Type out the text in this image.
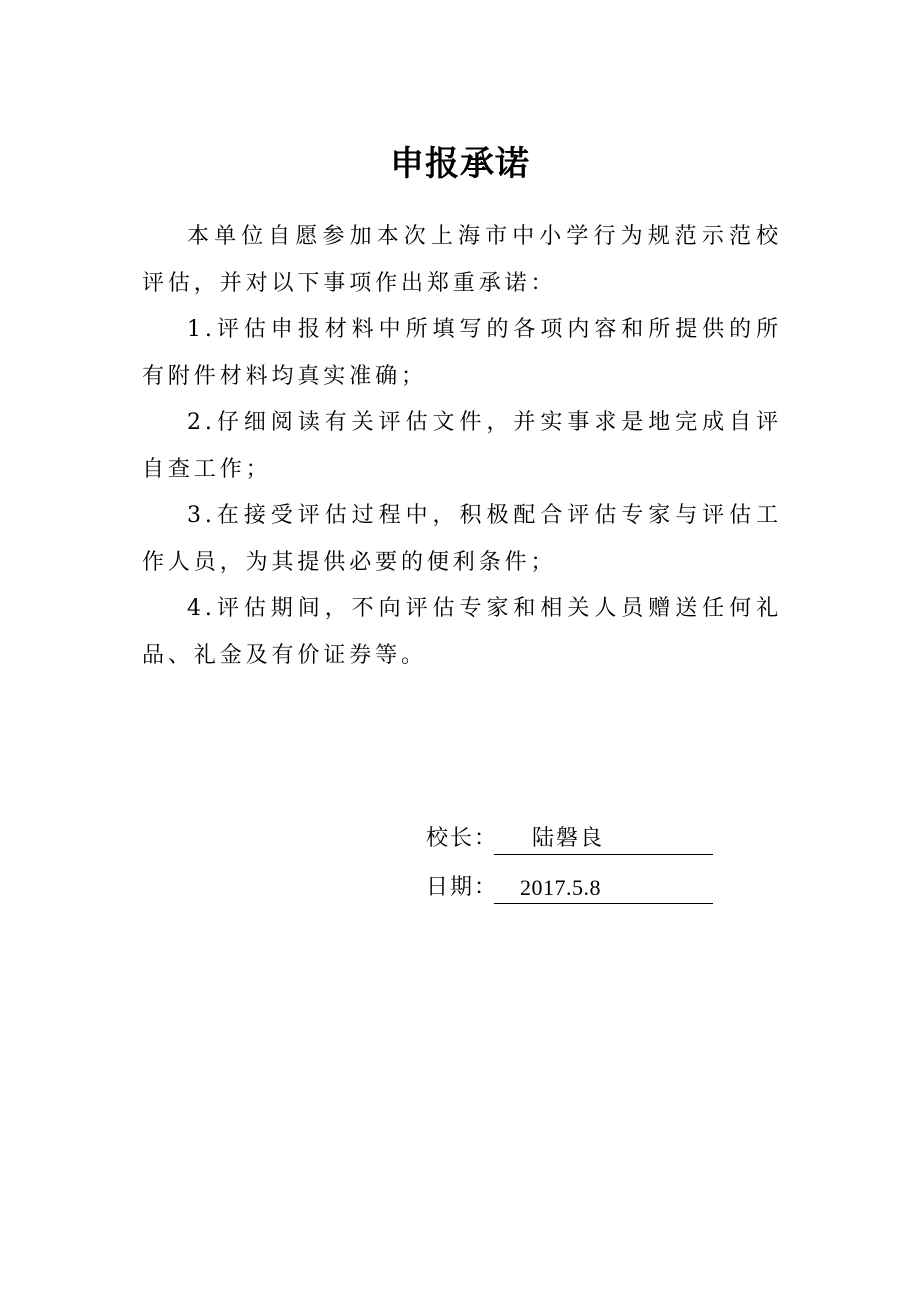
申报承诺

本单位自愿参加本次上海市中小学行为规范示范校评估，并对以下事项作出郑重承诺：

1.评估申报材料中所填写的各项内容和所提供的所有附件材料均真实准确；

2.仔细阅读有关评估文件，并实事求是地完成自评自查工作；

3.在接受评估过程中，积极配合评估专家与评估工作人员，为其提供必要的便利条件；

4.评估期间，不向评估专家和相关人员赠送任何礼品、礼金及有价证券等。

校长： 陆磐良
日期： 2017.5.8
